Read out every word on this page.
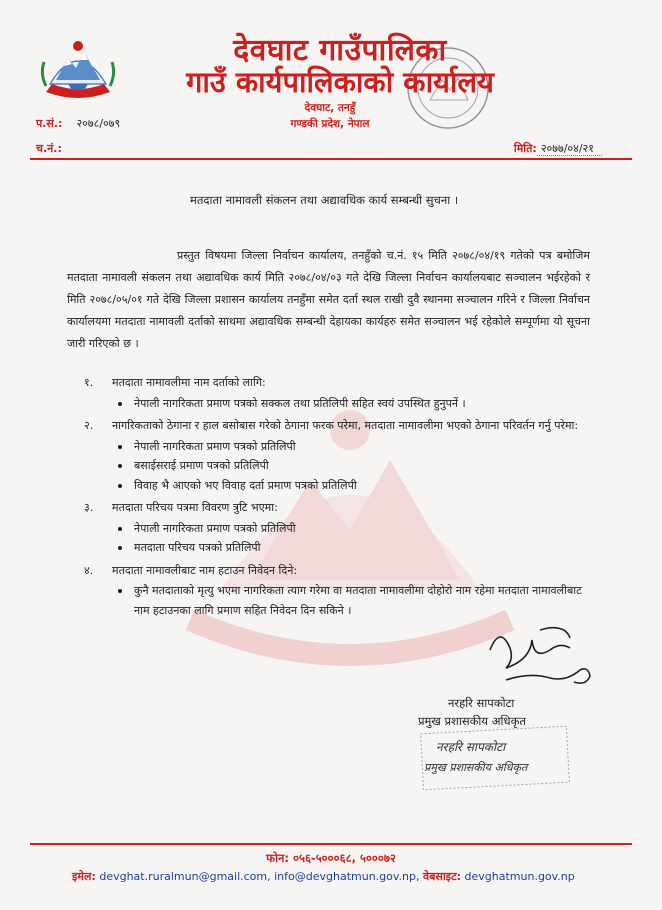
देवघाट गाउँपालिका
गाउँ कार्यपालिकाको कार्यालय
देवघाट, तनहुँ
गण्डकी प्रदेश, नेपाल
प.सं.: २०७८/०७९
च.नं.:	मिति: २०७७/०४/२१
मतदाता नामावली संकलन तथा अद्यावधिक कार्य सम्बन्धी सुचना ।
प्रस्तुत विषयमा जिल्ला निर्वाचन कार्यालय, तनहुँको च.नं. १५ मिति २०७८/०४/१९ गतेको पत्र बमोजिम मतदाता नामावली संकलन तथा अद्यावधिक कार्य मिति २०७८/०४/०३ गते देखि जिल्ला निर्वाचन कार्यालयबाट सञ्चालन भईरहेको र मिति २०७८/०५/०१ गते देखि जिल्ला प्रशासन कार्यालय तनहुँमा समेत दर्ता स्थल राखी दुवै स्थानमा सञ्चालन गरिने र जिल्ला निर्वाचन कार्यालयमा मतदाता नामावली दर्ताको साथमा अद्यावधिक सम्बन्धी देहायका कार्यहरु समेत सञ्चालन भई रहेकोले सम्पूर्णमा यो सूचना जारी गरिएको छ ।
१. मतदाता नामावलीमा नाम दर्ताको लागि:
नेपाली नागरिकता प्रमाण पत्रको सक्कल तथा प्रतिलिपी सहित स्वयं उपस्थित हुनुपर्ने ।
२. नागरिकताको ठेगाना र हाल बसोबास गरेको ठेगाना फरक परेमा, मतदाता नामावलीमा भएको ठेगाना परिवर्तन गर्नु परेमा:
नेपाली नागरिकता प्रमाण पत्रको प्रतिलिपी
बसाईसराई प्रमाण पत्रको प्रतिलिपी
विवाह भै आएको भए विवाह दर्ता प्रमाण पत्रको प्रतिलिपी
३. मतदाता परिचय पत्रमा विवरण त्रुटि भएमा:
नेपाली नागरिकता प्रमाण पत्रको प्रतिलिपी
मतदाता परिचय पत्रको प्रतिलिपी
४. मतदाता नामावलीबाट नाम हटाउन निवेदन दिने:
कुनै मतदाताको मृत्यु भएमा नागरिकता त्याग गरेमा वा मतदाता नामावलीमा दोहोरो नाम रहेमा मतदाता नामावलीबाट नाम हटाउनका लागि प्रमाण सहित निवेदन दिन सकिने ।
नरहरि सापकोटा
प्रमुख प्रशासकीय अधिकृत
नरहरि सापकोटा
प्रमुख प्रशासकीय अधिकृत
फोन: ०५६-५०००६८, ५०००७२
इमेल: devghat.ruralmun@gmail.com, info@devghatmun.gov.np, वेबसाइट: devghatmun.gov.np
